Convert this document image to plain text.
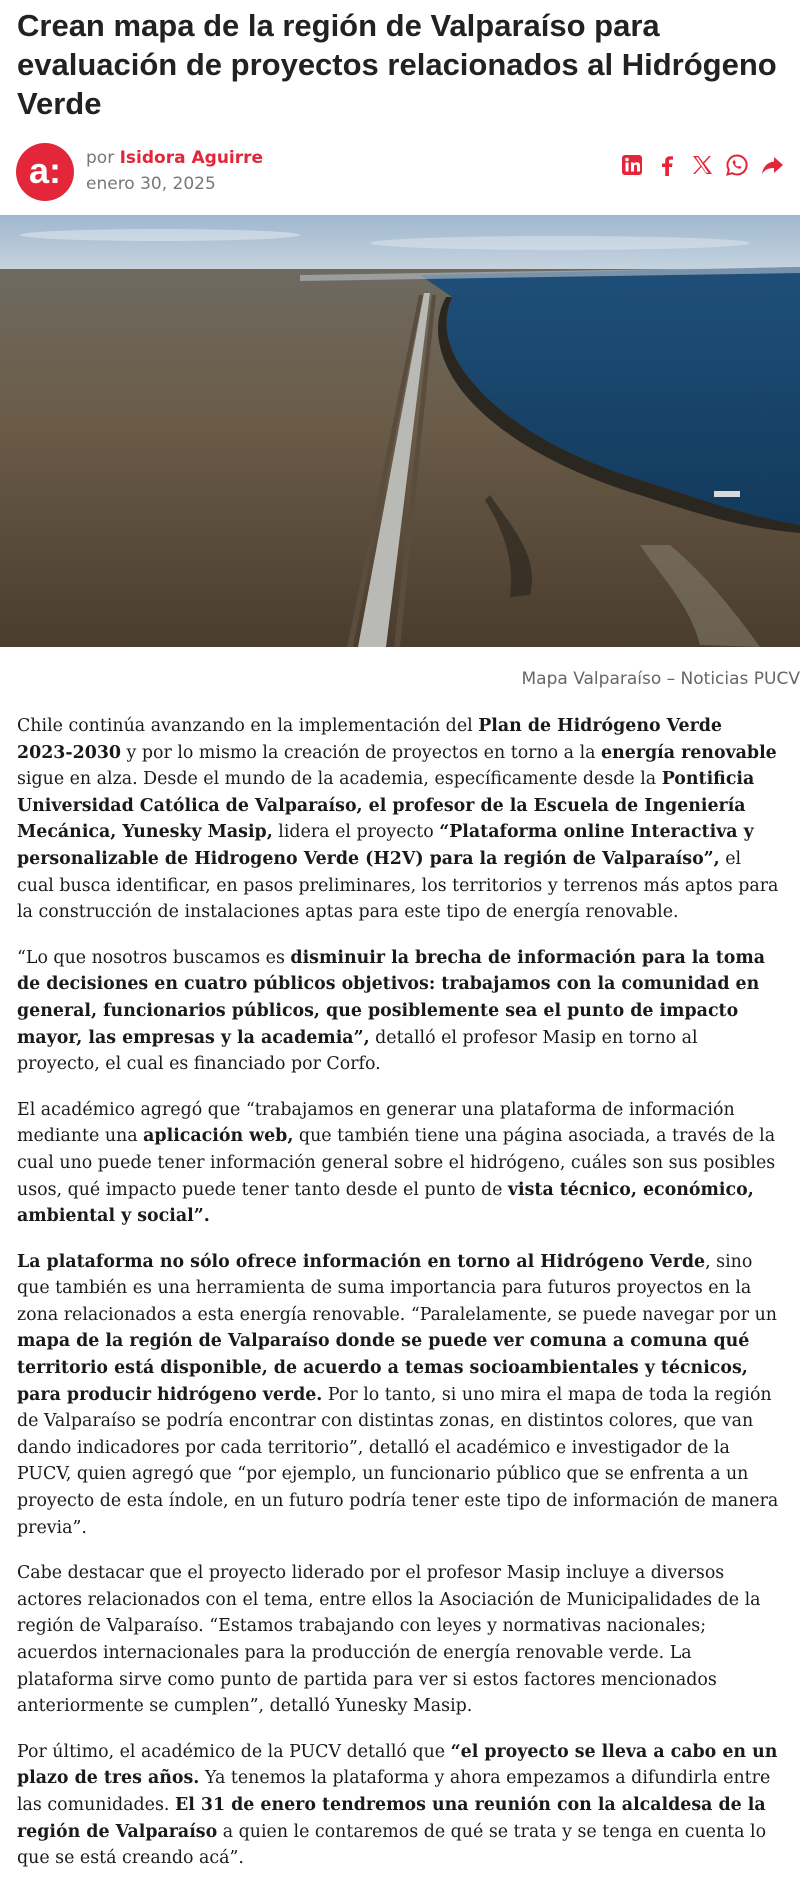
Crean mapa de la región de Valparaíso para evaluación de proyectos relacionados al Hidrógeno Verde
a:	por Isidora Aguirre
enero 30, 2025
Mapa Valparaíso – Noticias PUCV

Chile continúa avanzando en la implementación del Plan de Hidrógeno Verde 2023-2030 y por lo mismo la creación de proyectos en torno a la energía renovable sigue en alza. Desde el mundo de la academia, específicamente desde la Pontificia Universidad Católica de Valparaíso, el profesor de la Escuela de Ingeniería Mecánica, Yunesky Masip, lidera el proyecto “Plataforma online Interactiva y personalizable de Hidrogeno Verde (H2V) para la región de Valparaíso”, el cual busca identificar, en pasos preliminares, los territorios y terrenos más aptos para la construcción de instalaciones aptas para este tipo de energía renovable.

“Lo que nosotros buscamos es disminuir la brecha de información para la toma de decisiones en cuatro públicos objetivos: trabajamos con la comunidad en general, funcionarios públicos, que posiblemente sea el punto de impacto mayor, las empresas y la academia”, detalló el profesor Masip en torno al proyecto, el cual es financiado por Corfo.

El académico agregó que “trabajamos en generar una plataforma de información mediante una aplicación web, que también tiene una página asociada, a través de la cual uno puede tener información general sobre el hidrógeno, cuáles son sus posibles usos, qué impacto puede tener tanto desde el punto de vista técnico, económico, ambiental y social”.

La plataforma no sólo ofrece información en torno al Hidrógeno Verde, sino que también es una herramienta de suma importancia para futuros proyectos en la zona relacionados a esta energía renovable. “Paralelamente, se puede navegar por un mapa de la región de Valparaíso donde se puede ver comuna a comuna qué territorio está disponible, de acuerdo a temas socioambientales y técnicos, para producir hidrógeno verde. Por lo tanto, si uno mira el mapa de toda la región de Valparaíso se podría encontrar con distintas zonas, en distintos colores, que van dando indicadores por cada territorio”, detalló el académico e investigador de la PUCV, quien agregó que “por ejemplo, un funcionario público que se enfrenta a un proyecto de esta índole, en un futuro podría tener este tipo de información de manera previa”.

Cabe destacar que el proyecto liderado por el profesor Masip incluye a diversos actores relacionados con el tema, entre ellos la Asociación de Municipalidades de la región de Valparaíso. “Estamos trabajando con leyes y normativas nacionales; acuerdos internacionales para la producción de energía renovable verde. La plataforma sirve como punto de partida para ver si estos factores mencionados anteriormente se cumplen”, detalló Yunesky Masip.

Por último, el académico de la PUCV detalló que “el proyecto se lleva a cabo en un plazo de tres años. Ya tenemos la plataforma y ahora empezamos a difundirla entre las comunidades. El 31 de enero tendremos una reunión con la alcaldesa de la región de Valparaíso a quien le contaremos de qué se trata y se tenga en cuenta lo que se está creando acá”.
